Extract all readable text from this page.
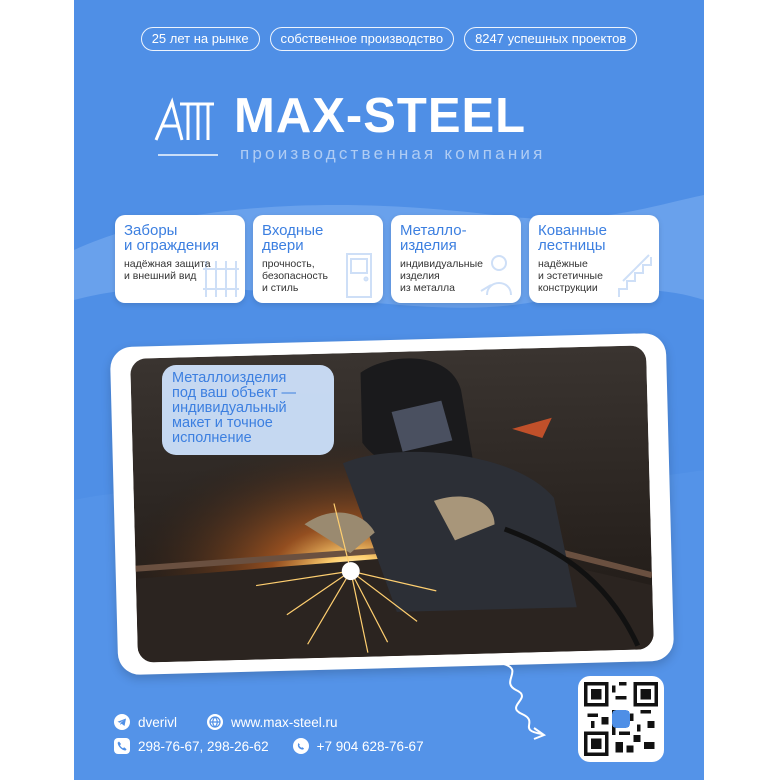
25 лет на рынке	собственное производство	8247 успешных проектов
MAX-STEEL
производственная компания
Заборы
и ограждения
надёжная защита
и внешний вид
Входные
двери
прочность,
безопасность
и стиль
Металло-
изделия
индивидуальные
изделия
из металла
Кованные
лестницы
надёжные
и эстетичные
конструкции
Металлоизделия
под ваш объект —
индивидуальный
макет и точное
исполнение
dverivl	www.max-steel.ru
298-76-67, 298-26-62	+7 904 628-76-67
